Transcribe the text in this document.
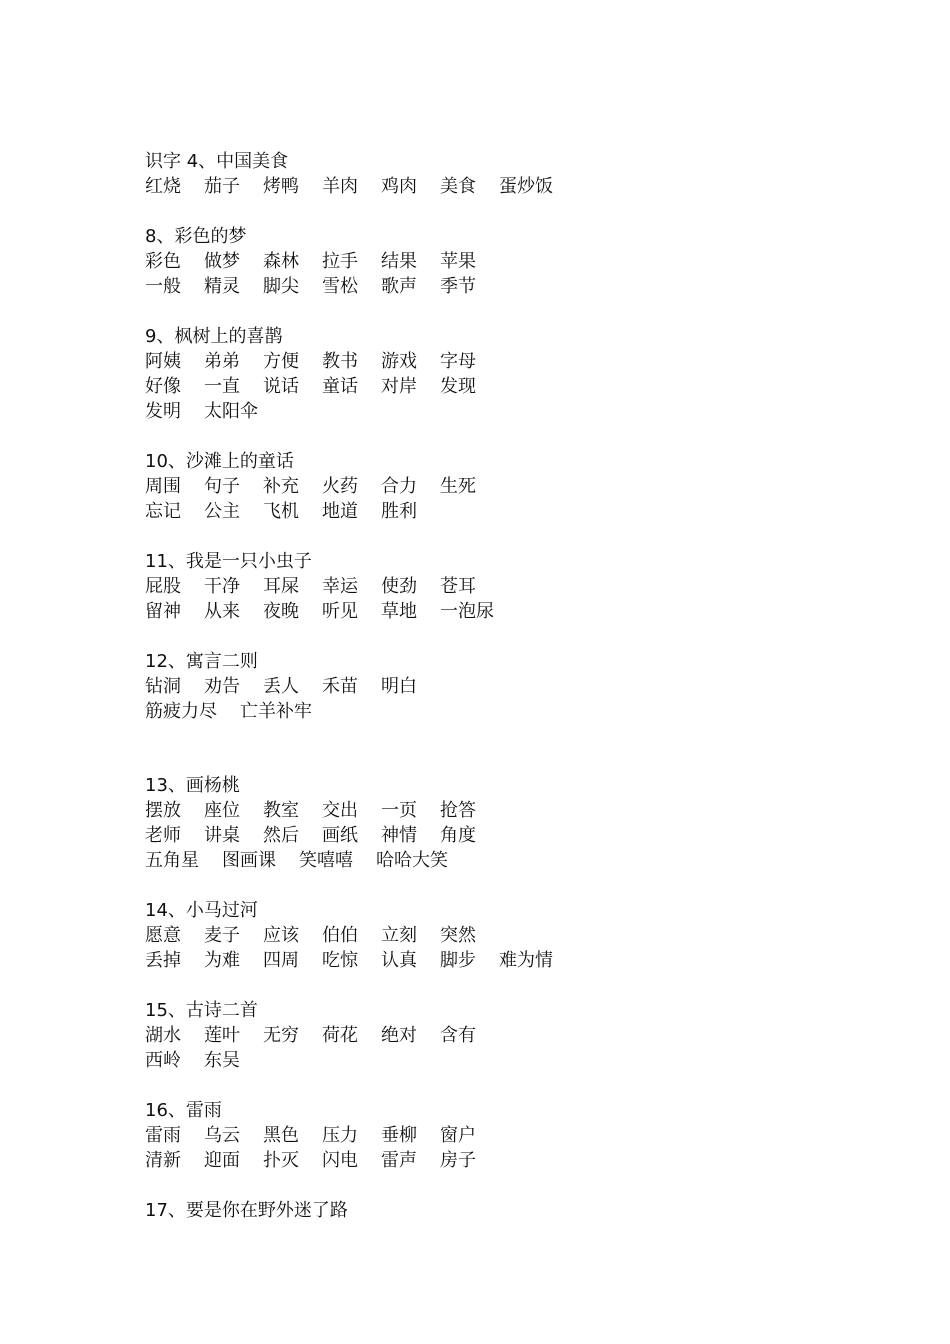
识字 4、中国美食
红烧 茄子 烤鸭 羊肉 鸡肉 美食 蛋炒饭
8、彩色的梦
彩色 做梦 森林 拉手 结果 苹果
一般 精灵 脚尖 雪松 歌声 季节
9、枫树上的喜鹊
阿姨 弟弟 方便 教书 游戏 字母
好像 一直 说话 童话 对岸 发现
发明 太阳伞
10、沙滩上的童话
周围 句子 补充 火药 合力 生死
忘记 公主 飞机 地道 胜利
11、我是一只小虫子
屁股 干净 耳屎 幸运 使劲 苍耳
留神 从来 夜晚 听见 草地 一泡尿
12、寓言二则
钻洞 劝告 丢人 禾苗 明白
筋疲力尽 亡羊补牢
13、画杨桃
摆放 座位 教室 交出 一页 抢答
老师 讲桌 然后 画纸 神情 角度
五角星 图画课 笑嘻嘻 哈哈大笑
14、小马过河
愿意 麦子 应该 伯伯 立刻 突然
丢掉 为难 四周 吃惊 认真 脚步 难为情
15、古诗二首
湖水 莲叶 无穷 荷花 绝对 含有
西岭 东吴
16、雷雨
雷雨 乌云 黑色 压力 垂柳 窗户
清新 迎面 扑灭 闪电 雷声 房子
17、要是你在野外迷了路
